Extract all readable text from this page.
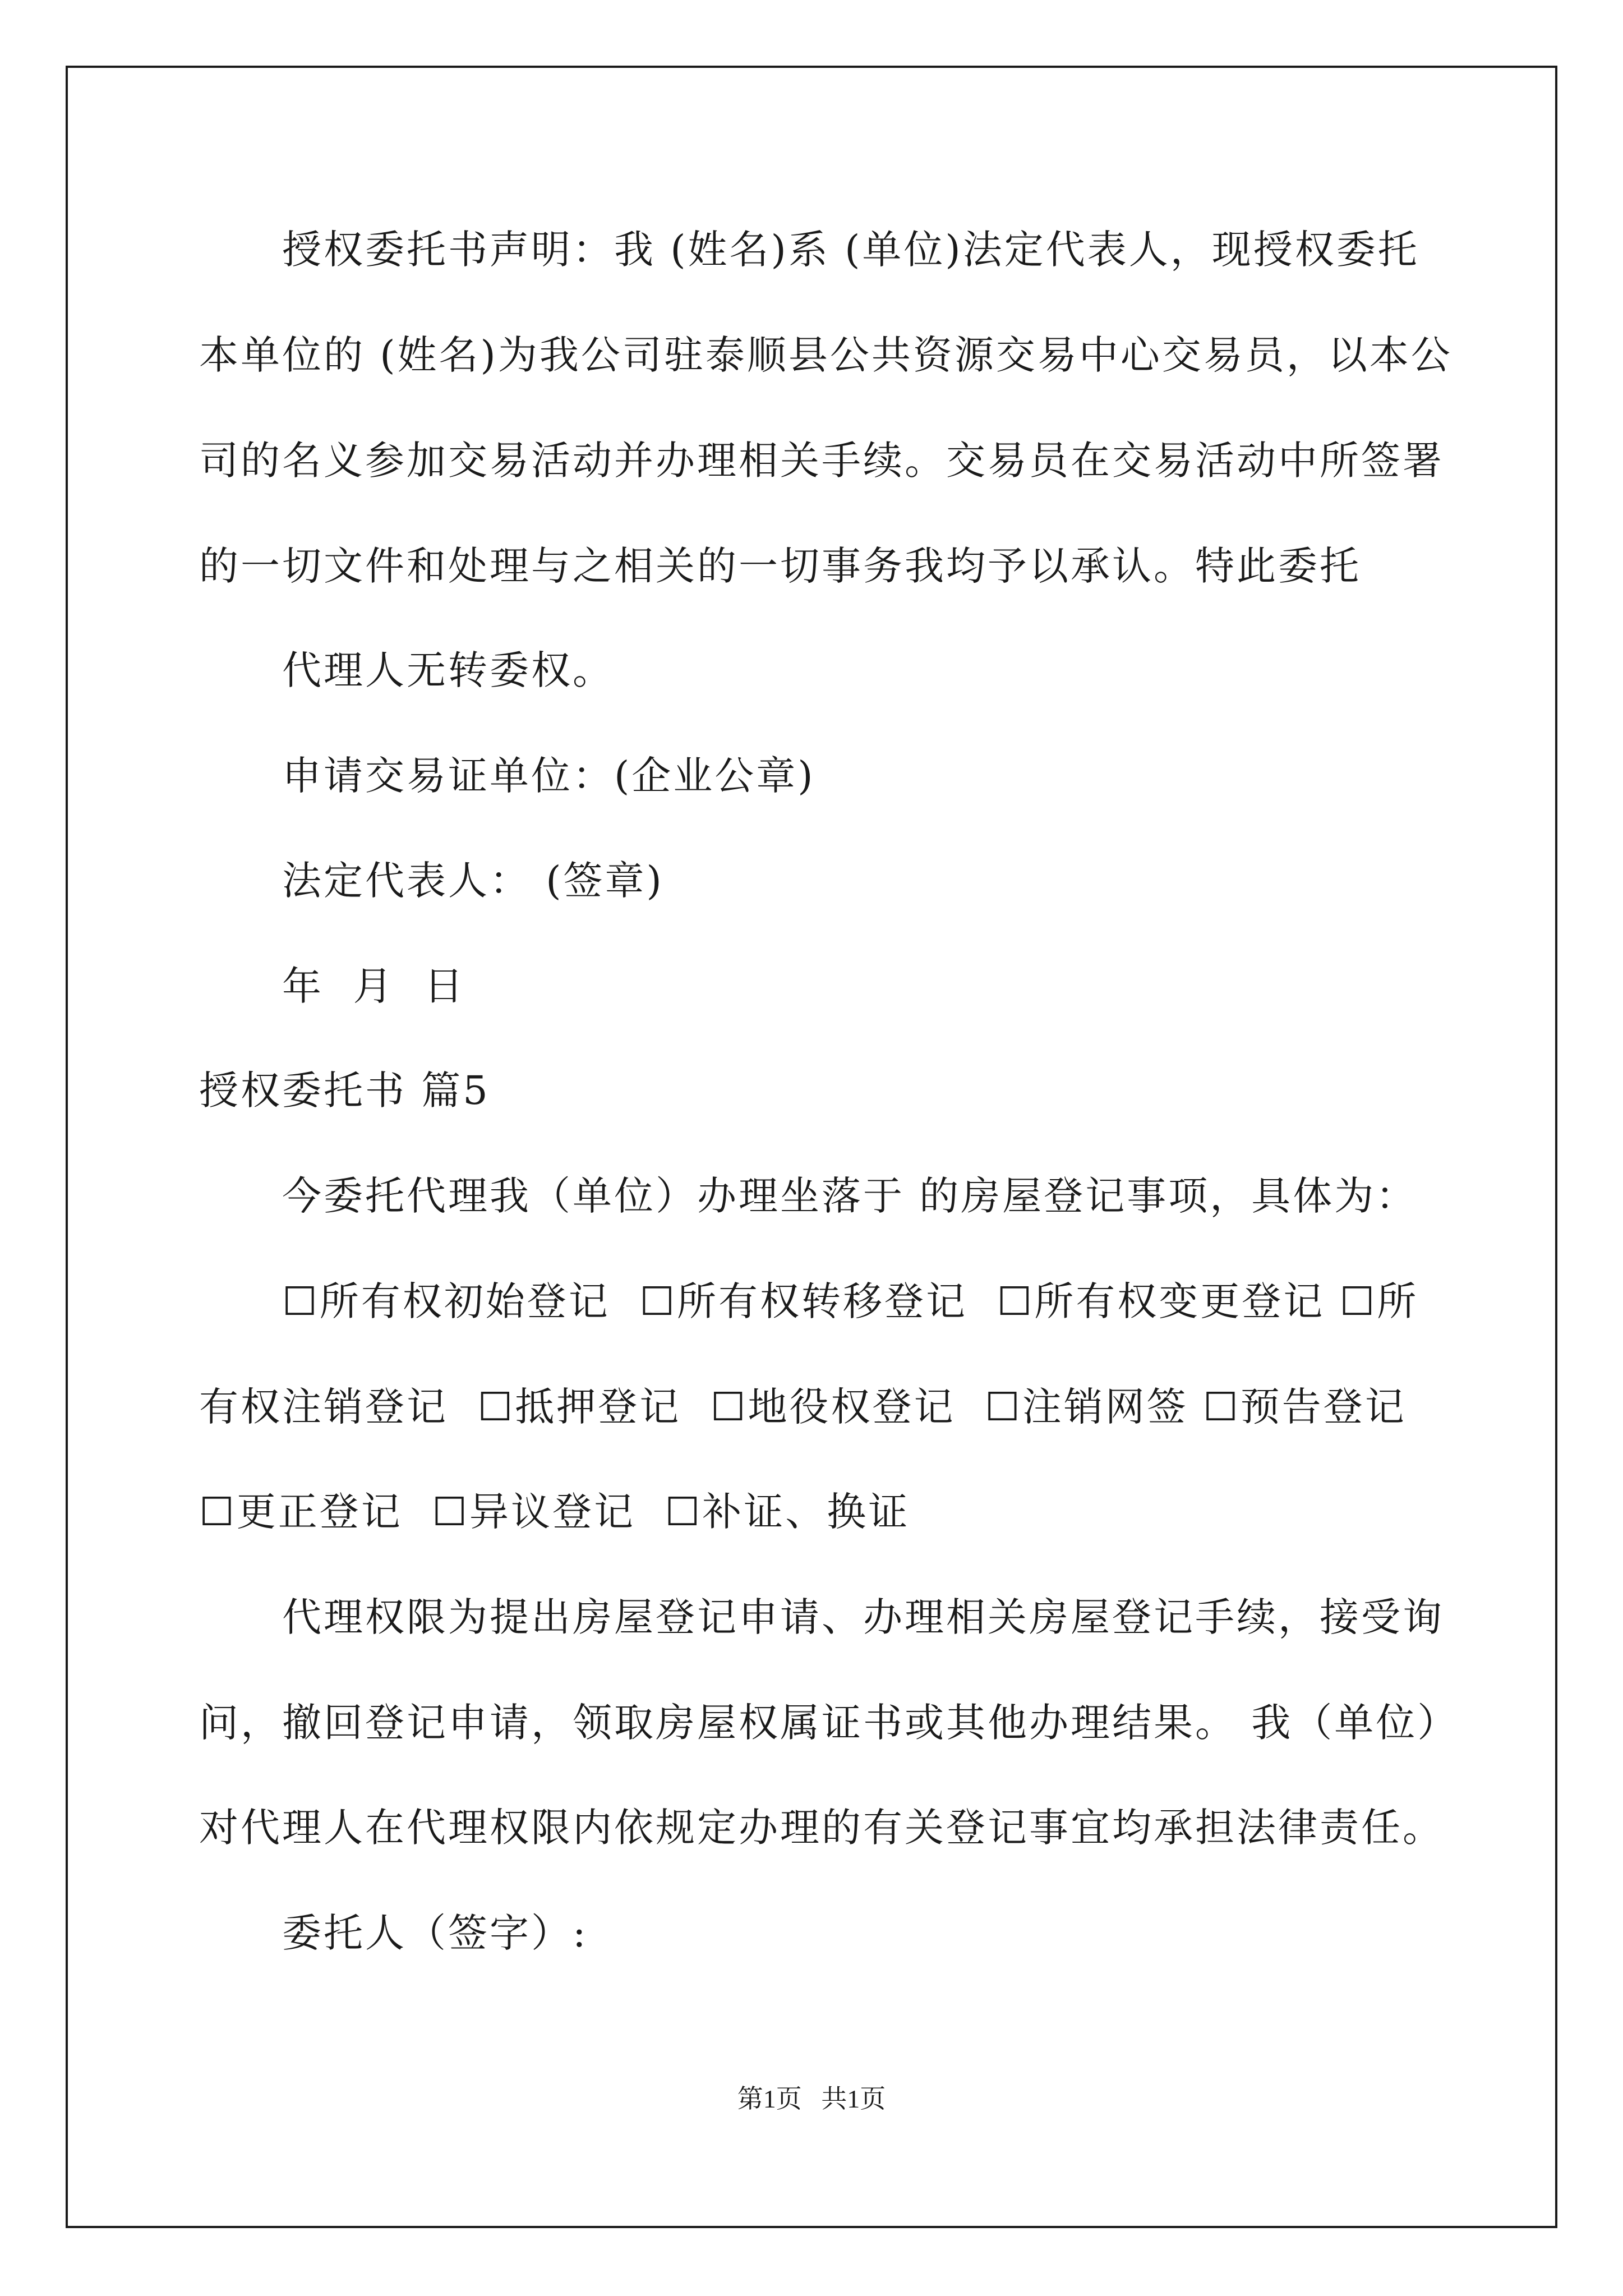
授权委托书声明：我 (姓名)系 (单位)法定代表人，现授权委托
本单位的 (姓名)为我公司驻泰顺县公共资源交易中心交易员，以本公
司的名义参加交易活动并办理相关手续。交易员在交易活动中所签署
的一切文件和处理与之相关的一切事务我均予以承认。特此委托
代理人无转委权。
申请交易证单位：(企业公章)
法定代表人： (签章)
年  月  日
授权委托书 篇5
今委托代理我（单位）办理坐落于 的房屋登记事项，具体为：
☐所有权初始登记  ☐所有权转移登记  ☐所有权变更登记 ☐所
有权注销登记  ☐抵押登记  ☐地役权登记  ☐注销网签 ☐预告登记
☐更正登记  ☐异议登记  ☐补证、换证
代理权限为提出房屋登记申请、办理相关房屋登记手续，接受询
问，撤回登记申请，领取房屋权属证书或其他办理结果。 我（单位）
对代理人在代理权限内依规定办理的有关登记事宜均承担法律责任。
委托人（签字）:
第1页   共1页
